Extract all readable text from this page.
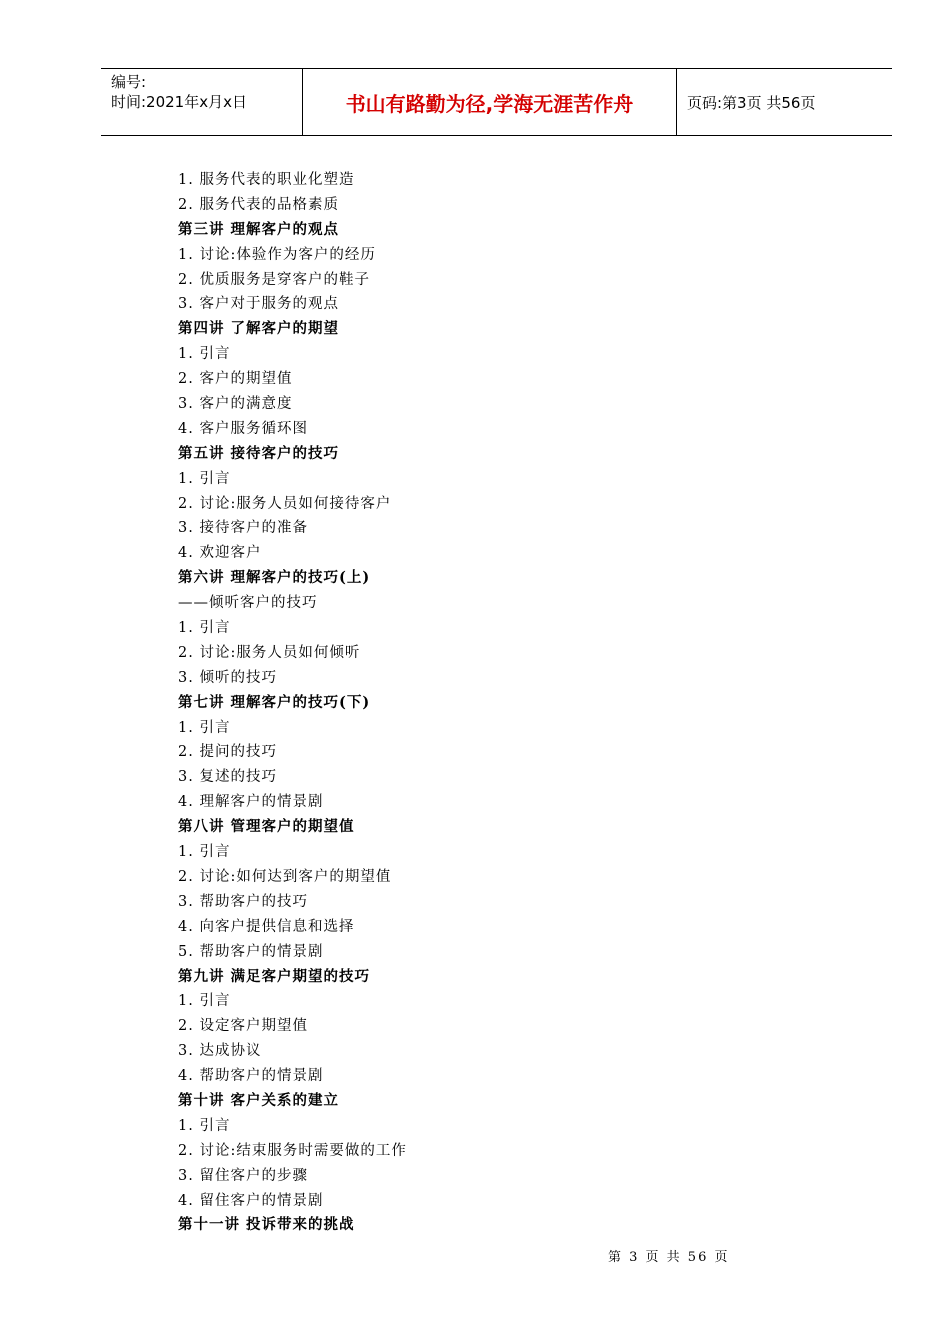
编号:
时间:2021年x月x日	书山有路勤为径,学海无涯苦作舟	页码:第3页 共56页
1. 服务代表的职业化塑造
2. 服务代表的品格素质
第三讲 理解客户的观点
1. 讨论:体验作为客户的经历
2. 优质服务是穿客户的鞋子
3. 客户对于服务的观点
第四讲 了解客户的期望
1. 引言
2. 客户的期望值
3. 客户的满意度
4. 客户服务循环图
第五讲 接待客户的技巧
1. 引言
2. 讨论:服务人员如何接待客户
3. 接待客户的准备
4. 欢迎客户
第六讲 理解客户的技巧(上)
——倾听客户的技巧
1. 引言
2. 讨论:服务人员如何倾听
3. 倾听的技巧
第七讲 理解客户的技巧(下)
1. 引言
2. 提问的技巧
3. 复述的技巧
4. 理解客户的情景剧
第八讲 管理客户的期望值
1. 引言
2. 讨论:如何达到客户的期望值
3. 帮助客户的技巧
4. 向客户提供信息和选择
5. 帮助客户的情景剧
第九讲 满足客户期望的技巧
1. 引言
2. 设定客户期望值
3. 达成协议
4. 帮助客户的情景剧
第十讲 客户关系的建立
1. 引言
2. 讨论:结束服务时需要做的工作
3. 留住客户的步骤
4. 留住客户的情景剧
第十一讲 投诉带来的挑战
第 3 页 共 56 页
